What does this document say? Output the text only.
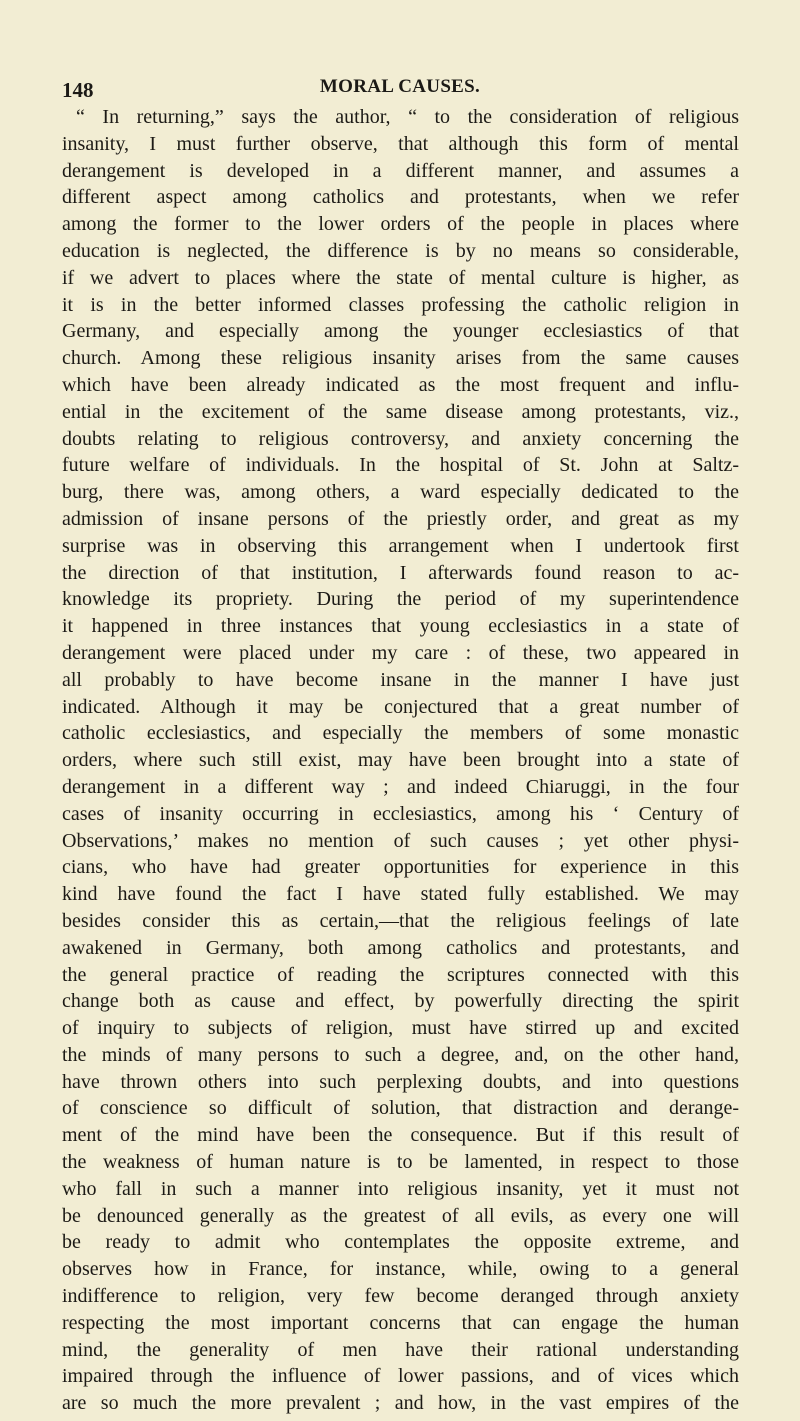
148	MORAL CAUSES.
“ In returning,” says the author, “ to the consideration of religious
insanity, I must further observe, that although this form of mental
derangement is developed in a different manner, and assumes a
different aspect among catholics and protestants, when we refer
among the former to the lower orders of the people in places where
education is neglected, the difference is by no means so considerable,
if we advert to places where the state of mental culture is higher, as
it is in the better informed classes professing the catholic religion in
Germany, and especially among the younger ecclesiastics of that
church. Among these religious insanity arises from the same causes
which have been already indicated as the most frequent and influ-
ential in the excitement of the same disease among protestants, viz.,
doubts relating to religious controversy, and anxiety concerning the
future welfare of individuals. In the hospital of St. John at Saltz-
burg, there was, among others, a ward especially dedicated to the
admission of insane persons of the priestly order, and great as my
surprise was in observing this arrangement when I undertook first
the direction of that institution, I afterwards found reason to ac-
knowledge its propriety. During the period of my superintendence
it happened in three instances that young ecclesiastics in a state of
derangement were placed under my care : of these, two appeared in
all probably to have become insane in the manner I have just
indicated. Although it may be conjectured that a great number of
catholic ecclesiastics, and especially the members of some monastic
orders, where such still exist, may have been brought into a state of
derangement in a different way ; and indeed Chiaruggi, in the four
cases of insanity occurring in ecclesiastics, among his ‘ Century of
Observations,’ makes no mention of such causes ; yet other physi-
cians, who have had greater opportunities for experience in this
kind have found the fact I have stated fully established. We may
besides consider this as certain,—that the religious feelings of late
awakened in Germany, both among catholics and protestants, and
the general practice of reading the scriptures connected with this
change both as cause and effect, by powerfully directing the spirit
of inquiry to subjects of religion, must have stirred up and excited
the minds of many persons to such a degree, and, on the other hand,
have thrown others into such perplexing doubts, and into questions
of conscience so difficult of solution, that distraction and derange-
ment of the mind have been the consequence. But if this result of
the weakness of human nature is to be lamented, in respect to those
who fall in such a manner into religious insanity, yet it must not
be denounced generally as the greatest of all evils, as every one will
be ready to admit who contemplates the opposite extreme, and
observes how in France, for instance, while, owing to a general
indifference to religion, very few become deranged through anxiety
respecting the most important concerns that can engage the human
mind, the generality of men have their rational understanding
impaired through the influence of lower passions, and of vices which
are so much the more prevalent ; and how, in the vast empires of the
